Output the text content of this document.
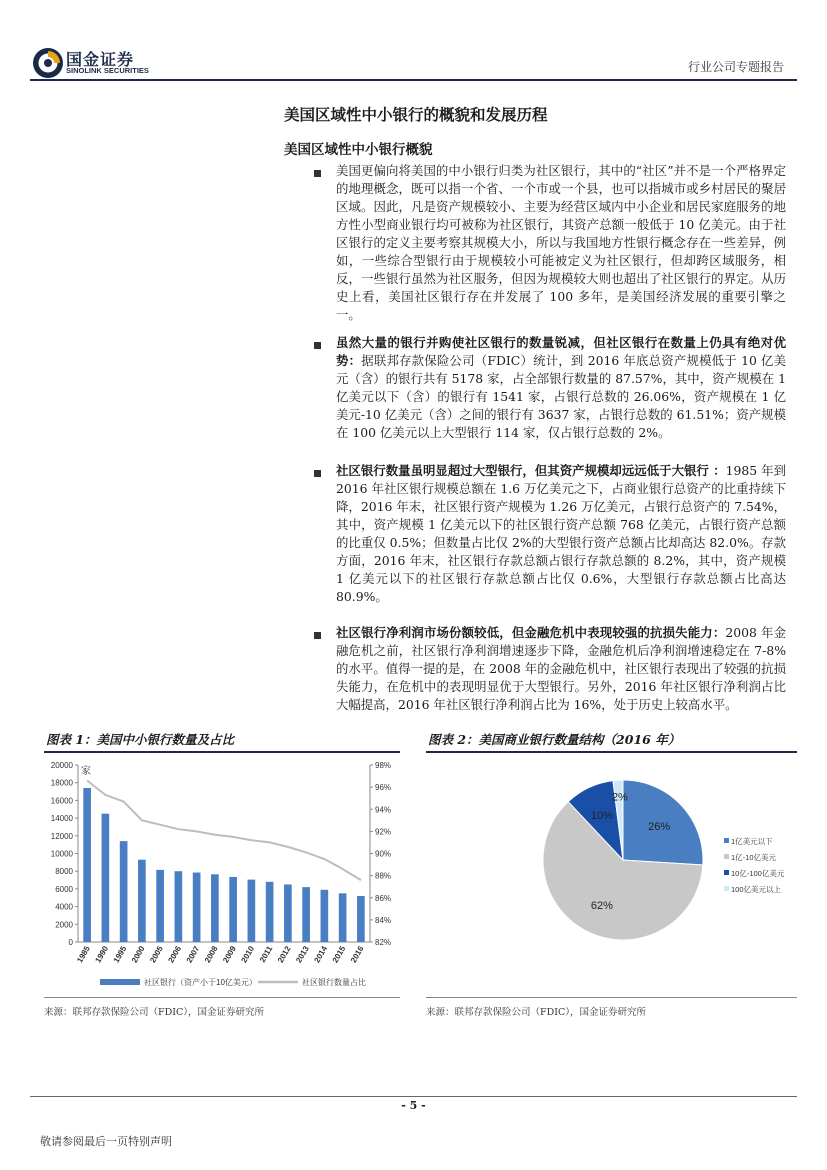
国金证券
SINOLINK SECURITIES	行业公司专题报告
美国区域性中小银行的概貌和发展历程
美国区域性中小银行概貌
美国更偏向将美国的中小银行归类为社区银行，其中的“社区”并不是一个严格界定的地理概念，既可以指一个省、一个市或一个县，也可以指城市或乡村居民的聚居区域。因此，凡是资产规模较小、主要为经营区域内中小企业和居民家庭服务的地方性小型商业银行均可被称为社区银行，其资产总额一般低于 10 亿美元。由于社区银行的定义主要考察其规模大小，所以与我国地方性银行概念存在一些差异，例如，一些综合型银行由于规模较小可能被定义为社区银行，但却跨区域服务，相反，一些银行虽然为社区服务，但因为规模较大则也超出了社区银行的界定。从历史上看，美国社区银行存在并发展了 100 多年，是美国经济发展的重要引擎之一。
虽然大量的银行并购使社区银行的数量锐减，但社区银行在数量上仍具有绝对优势：据联邦存款保险公司（FDIC）统计，到 2016 年底总资产规模低于 10 亿美元（含）的银行共有 5178 家，占全部银行数量的 87.57%，其中，资产规模在 1 亿美元以下（含）的银行有 1541 家，占银行总数的 26.06%，资产规模在 1 亿美元-10 亿美元（含）之间的银行有 3637 家，占银行总数的 61.51%；资产规模在 100 亿美元以上大型银行 114 家，仅占银行总数的 2%。
社区银行数量虽明显超过大型银行，但其资产规模却远远低于大银行 ：1985 年到 2016 年社区银行规模总额在 1.6 万亿美元之下，占商业银行总资产的比重持续下降，2016 年末，社区银行资产规模为 1.26 万亿美元，占银行总资产的 7.54%，其中，资产规模 1 亿美元以下的社区银行资产总额 768 亿美元，占银行资产总额的比重仅 0.5%；但数量占比仅 2%的大型银行资产总额占比却高达 82.0%。存款方面，2016 年末，社区银行存款总额占银行存款总额的 8.2%，其中，资产规模 1 亿美元以下的社区银行存款总额占比仅 0.6%，大型银行存款总额占比高达 80.9%。
社区银行净利润市场份额较低，但金融危机中表现较强的抗损失能力：2008 年金融危机之前，社区银行净利润增速逐步下降，金融危机后净利润增速稳定在 7-8%的水平。值得一提的是，在 2008 年的金融危机中，社区银行表现出了较强的抗损失能力，在危机中的表现明显优于大型银行。另外，2016 年社区银行净利润占比大幅提高，2016 年社区银行净利润占比为 16%，处于历史上较高水平。
图表 1：美国中小银行数量及占比	图表 2：美国商业银行数量结构（2016 年）
0
2000
4000
6000
8000
10000
12000
14000
16000
18000
20000
82%
84%
86%
88%
90%
92%
94%
96%
98%
家
1985 1990 1995 2000 2005 2006 2007 2008 2009 2010 2011 2012 2013 2014 2015 2016
社区银行（资产小于10亿美元）	社区银行数量占比
26%
62%
10%
2%
1亿美元以下
1亿-10亿美元
10亿-100亿美元
100亿美元以上
来源：联邦存款保险公司（FDIC），国金证券研究所	来源：联邦存款保险公司（FDIC），国金证券研究所
- 5 -
敬请参阅最后一页特别声明
